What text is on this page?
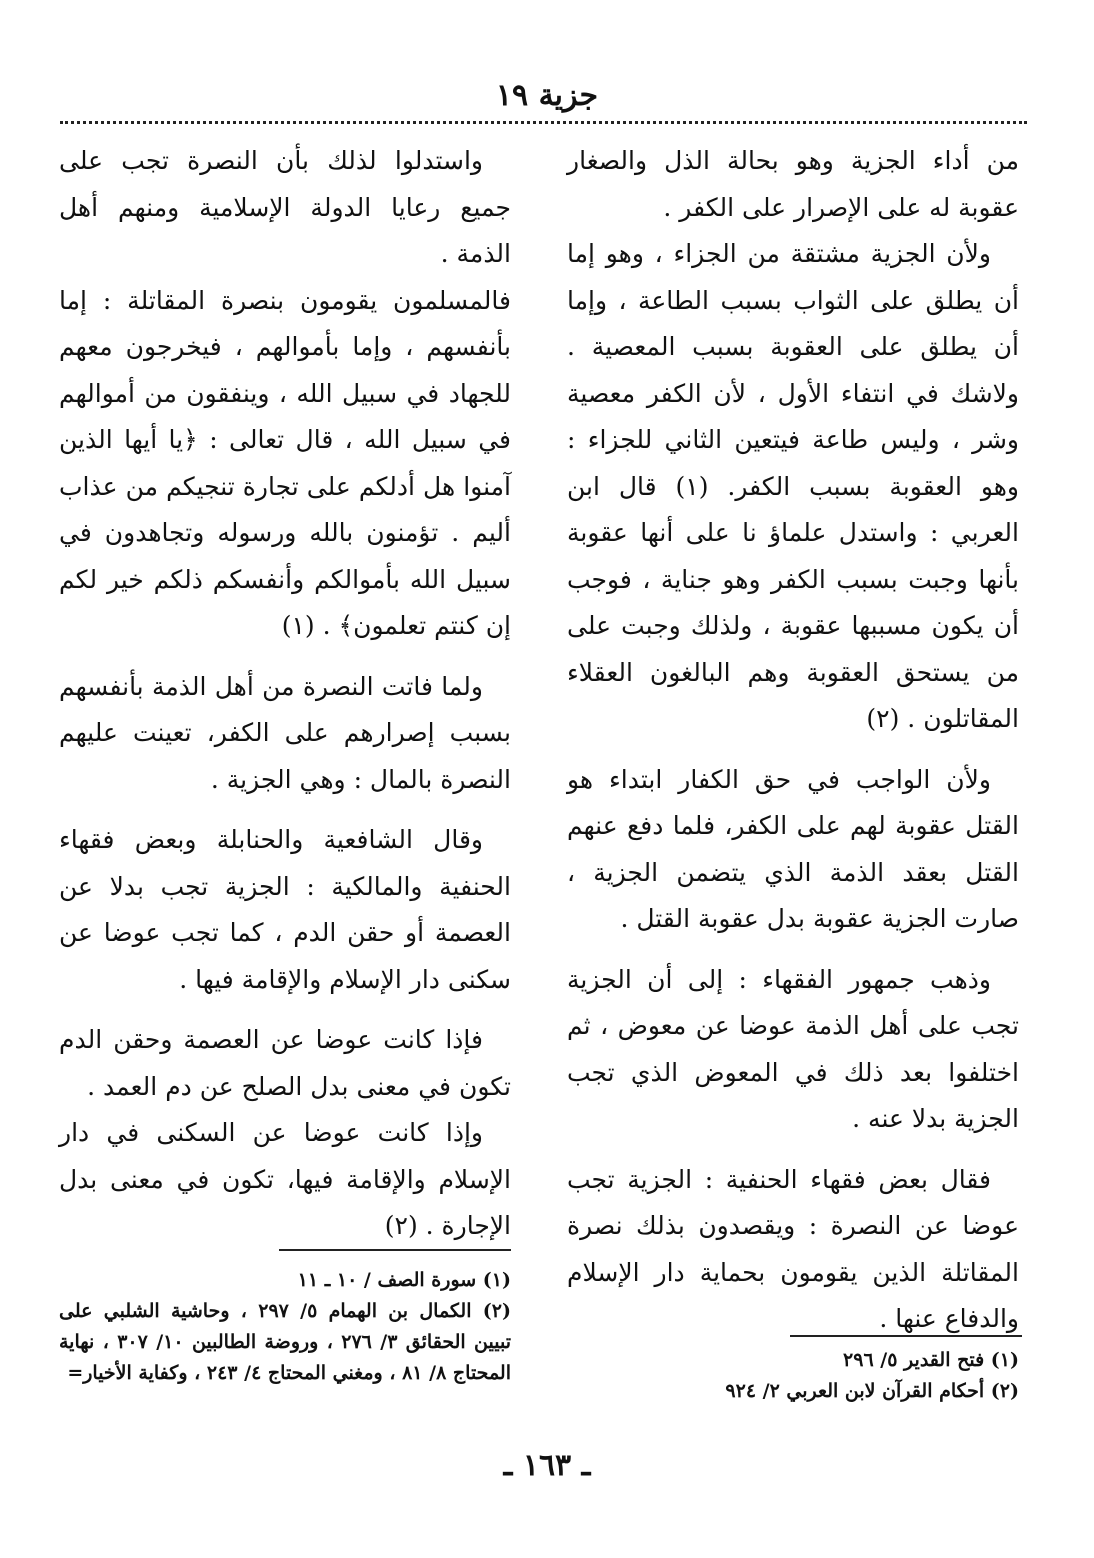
جزية ١٩

من أداء الجزية وهو بحالة الذل والصغار عقوبة له على الإصرار على الكفر .

ولأن الجزية مشتقة من الجزاء ، وهو إما أن يطلق على الثواب بسبب الطاعة ، وإما أن يطلق على العقوبة بسبب المعصية . ولاشك في انتفاء الأول ، لأن الكفر معصية وشر ، وليس طاعة فيتعين الثاني للجزاء : وهو العقوبة بسبب الكفر. (١) قال ابن العربي : واستدل علماؤ نا على أنها عقوبة بأنها وجبت بسبب الكفر وهو جناية ، فوجب أن يكون مسببها عقوبة ، ولذلك وجبت على من يستحق العقوبة وهم البالغون العقلاء المقاتلون . (٢)

ولأن الواجب في حق الكفار ابتداء هو القتل عقوبة لهم على الكفر، فلما دفع عنهم القتل بعقد الذمة الذي يتضمن الجزية ، صارت الجزية عقوبة بدل عقوبة القتل .

وذهب جمهور الفقهاء : إلى أن الجزية تجب على أهل الذمة عوضا عن معوض ، ثم اختلفوا بعد ذلك في المعوض الذي تجب الجزية بدلا عنه .

فقال بعض فقهاء الحنفية : الجزية تجب عوضا عن النصرة : ويقصدون بذلك نصرة المقاتلة الذين يقومون بحماية دار الإسلام والدفاع عنها .

واستدلوا لذلك بأن النصرة تجب على جميع رعايا الدولة الإسلامية ومنهم أهل الذمة .

فالمسلمون يقومون بنصرة المقاتلة : إما بأنفسهم ، وإما بأموالهم ، فيخرجون معهم للجهاد في سبيل الله ، وينفقون من أموالهم في سبيل الله ، قال تعالى : ﴿يا أيها الذين آمنوا هل أدلكم على تجارة تنجيكم من عذاب أليم . تؤمنون بالله ورسوله وتجاهدون في سبيل الله بأموالكم وأنفسكم ذلكم خير لكم إن كنتم تعلمون﴾ . (١)

ولما فاتت النصرة من أهل الذمة بأنفسهم بسبب إصرارهم على الكفر، تعينت عليهم النصرة بالمال : وهي الجزية .

وقال الشافعية والحنابلة وبعض فقهاء الحنفية والمالكية : الجزية تجب بدلا عن العصمة أو حقن الدم ، كما تجب عوضا عن سكنى دار الإسلام والإقامة فيها .

فإذا كانت عوضا عن العصمة وحقن الدم تكون في معنى بدل الصلح عن دم العمد .

وإذا كانت عوضا عن السكنى في دار الإسلام والإقامة فيها، تكون في معنى بدل الإجارة . (٢)

(١) فتح القدير ٥/ ٢٩٦

(٢) أحكام القرآن لابن العربي ٢/ ٩٢٤

(١) سورة الصف / ١٠ ـ ١١

(٢) الكمال بن الهمام ٥/ ٢٩٧ ، وحاشية الشلبي على تبيين الحقائق ٣/ ٢٧٦ ، وروضة الطالبين ١٠/ ٣٠٧ ، نهاية المحتاج ٨/ ٨١ ، ومغني المحتاج ٤/ ٢٤٣ ، وكفاية الأخيار=

ـ ١٦٣ ـ
